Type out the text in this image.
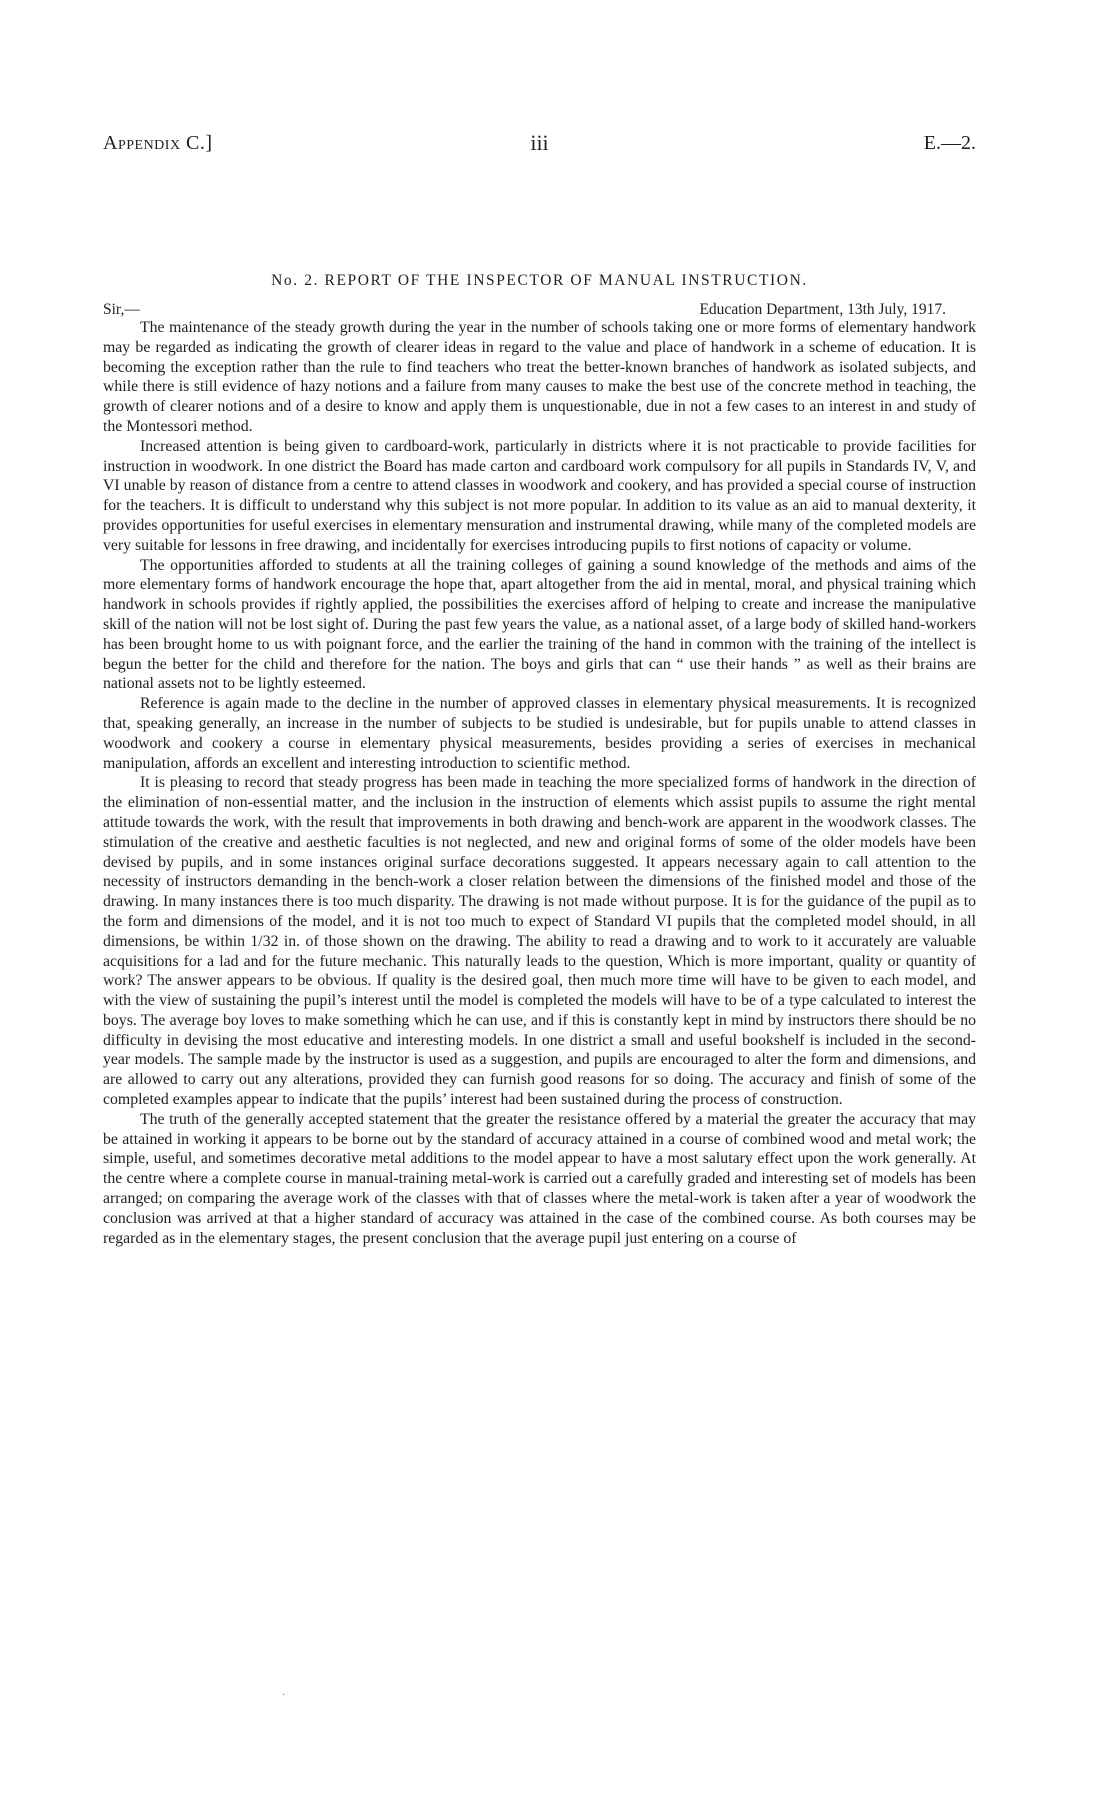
Appendix C.]	iii	E.—2.
No. 2. REPORT OF THE INSPECTOR OF MANUAL INSTRUCTION.
Sir,—	Education Department, 13th July, 1917.

The maintenance of the steady growth during the year in the number of schools taking one or more forms of elementary handwork may be regarded as indicating the growth of clearer ideas in regard to the value and place of handwork in a scheme of education. It is becoming the exception rather than the rule to find teachers who treat the better-known branches of handwork as isolated subjects, and while there is still evidence of hazy notions and a failure from many causes to make the best use of the concrete method in teaching, the growth of clearer notions and of a desire to know and apply them is unquestionable, due in not a few cases to an interest in and study of the Montessori method.

Increased attention is being given to cardboard-work, particularly in districts where it is not practicable to provide facilities for instruction in woodwork. In one district the Board has made carton and cardboard work compulsory for all pupils in Standards IV, V, and VI unable by reason of distance from a centre to attend classes in woodwork and cookery, and has provided a special course of instruction for the teachers. It is difficult to understand why this subject is not more popular. In addition to its value as an aid to manual dexterity, it provides opportunities for useful exercises in elementary mensuration and instrumental drawing, while many of the completed models are very suitable for lessons in free drawing, and incidentally for exercises introducing pupils to first notions of capacity or volume.

The opportunities afforded to students at all the training colleges of gaining a sound knowledge of the methods and aims of the more elementary forms of handwork encourage the hope that, apart altogether from the aid in mental, moral, and physical training which handwork in schools provides if rightly applied, the possibilities the exercises afford of helping to create and increase the manipulative skill of the nation will not be lost sight of. During the past few years the value, as a national asset, of a large body of skilled hand-workers has been brought home to us with poignant force, and the earlier the training of the hand in common with the training of the intellect is begun the better for the child and therefore for the nation. The boys and girls that can “ use their hands ” as well as their brains are national assets not to be lightly esteemed.

Reference is again made to the decline in the number of approved classes in elementary physical measurements. It is recognized that, speaking generally, an increase in the number of subjects to be studied is undesirable, but for pupils unable to attend classes in woodwork and cookery a course in elementary physical measurements, besides providing a series of exercises in mechanical manipulation, affords an excellent and interesting introduction to scientific method.

It is pleasing to record that steady progress has been made in teaching the more specialized forms of handwork in the direction of the elimination of non-essential matter, and the inclusion in the instruction of elements which assist pupils to assume the right mental attitude towards the work, with the result that improvements in both drawing and bench-work are apparent in the woodwork classes. The stimulation of the creative and aesthetic faculties is not neglected, and new and original forms of some of the older models have been devised by pupils, and in some instances original surface decorations suggested. It appears necessary again to call attention to the necessity of instructors demanding in the bench-work a closer relation between the dimensions of the finished model and those of the drawing. In many instances there is too much disparity. The drawing is not made without purpose. It is for the guidance of the pupil as to the form and dimensions of the model, and it is not too much to expect of Standard VI pupils that the completed model should, in all dimensions, be within 1/32 in. of those shown on the drawing. The ability to read a drawing and to work to it accurately are valuable acquisitions for a lad and for the future mechanic. This naturally leads to the question, Which is more important, quality or quantity of work? The answer appears to be obvious. If quality is the desired goal, then much more time will have to be given to each model, and with the view of sustaining the pupil’s interest until the model is completed the models will have to be of a type calculated to interest the boys. The average boy loves to make something which he can use, and if this is constantly kept in mind by instructors there should be no difficulty in devising the most educative and interesting models. In one district a small and useful bookshelf is included in the second-year models. The sample made by the instructor is used as a suggestion, and pupils are encouraged to alter the form and dimensions, and are allowed to carry out any alterations, provided they can furnish good reasons for so doing. The accuracy and finish of some of the completed examples appear to indicate that the pupils’ interest had been sustained during the process of construction.

The truth of the generally accepted statement that the greater the resistance offered by a material the greater the accuracy that may be attained in working it appears to be borne out by the standard of accuracy attained in a course of combined wood and metal work; the simple, useful, and sometimes decorative metal additions to the model appear to have a most salutary effect upon the work generally. At the centre where a complete course in manual-training metal-work is carried out a carefully graded and interesting set of models has been arranged; on comparing the average work of the classes with that of classes where the metal-work is taken after a year of woodwork the conclusion was arrived at that a higher standard of accuracy was attained in the case of the combined course. As both courses may be regarded as in the elementary stages, the present conclusion that the average pupil just entering on a course of

·
